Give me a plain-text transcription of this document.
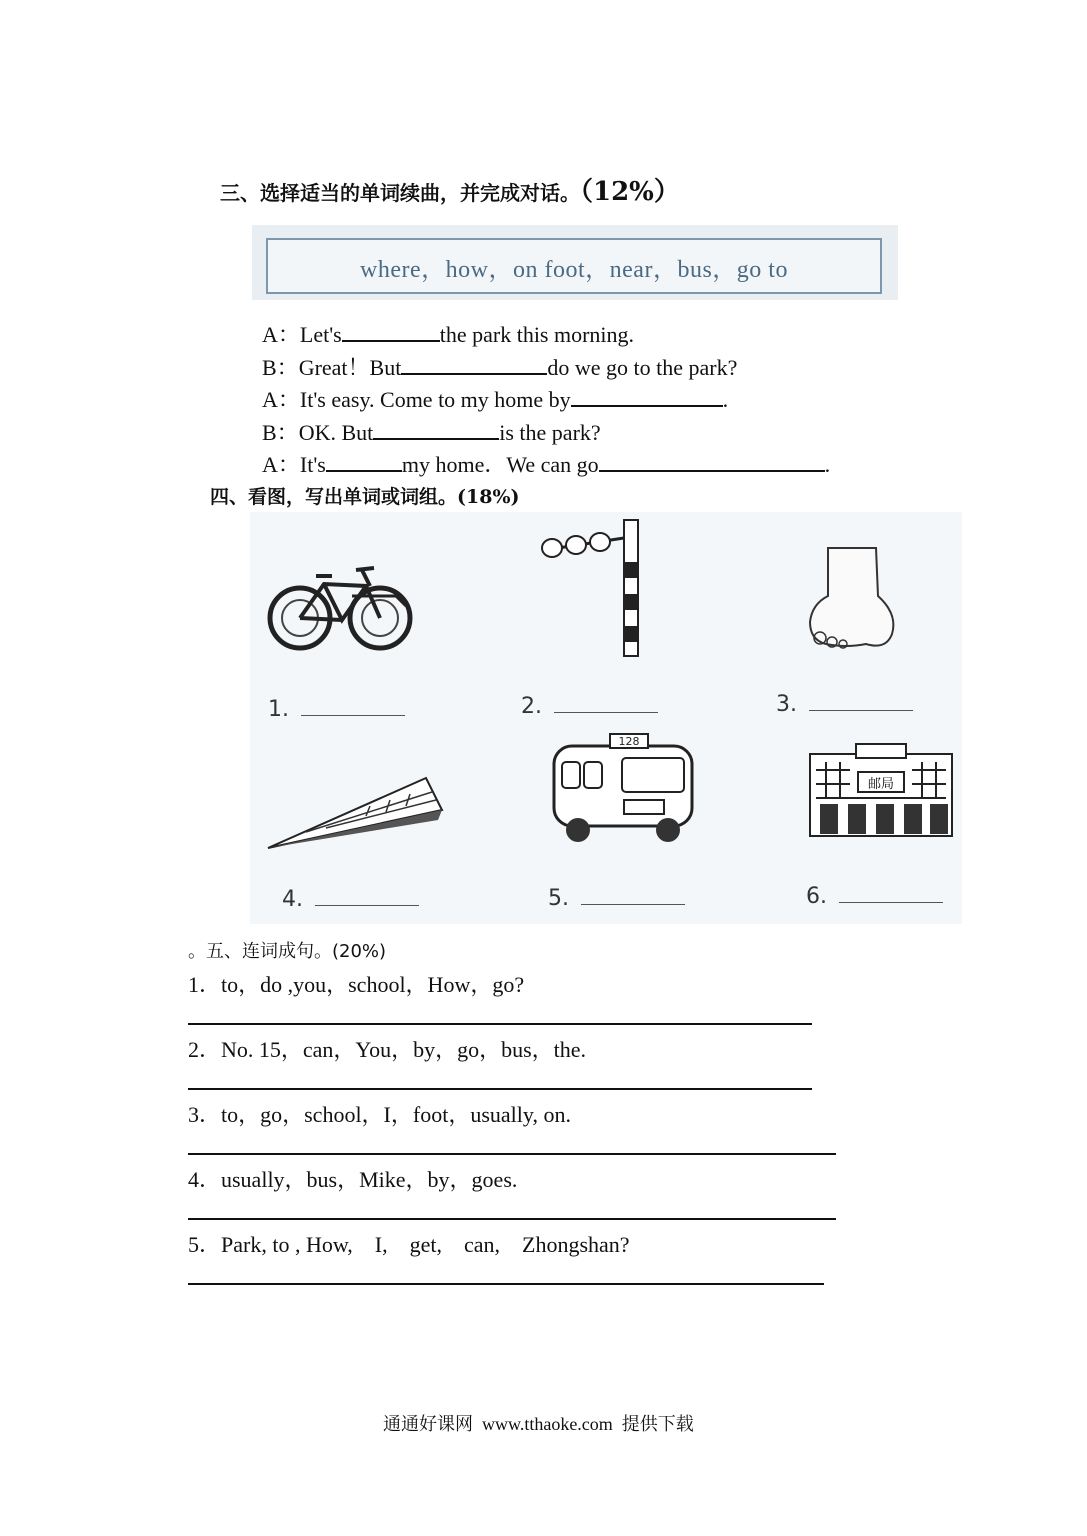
三、选择适当的单词续曲，并完成对话。（12%）
where，how，on foot，near，bus，go to
A：Let's	the park this morning.
B：Great！But	do we go to the park?
A：It's easy. Come to my home by	.
B：OK. But	is the park?
A：It's	my home．We can go	.
四、看图，写出单词或词组。(18%)
1.	2.	3.
4.
128
5.
邮局
6.
。五、连词成句。(20%)
1．to，do ,you，school，How，go?
2．No. 15，can，You，by，go，bus，the.
3．to，go，school，I，foot，usually, on.
4．usually，bus，Mike，by，goes.
5．Park, to , How,    I,    get,    can,    Zhongshan?
通通好课网  www.tthaoke.com  提供下载
